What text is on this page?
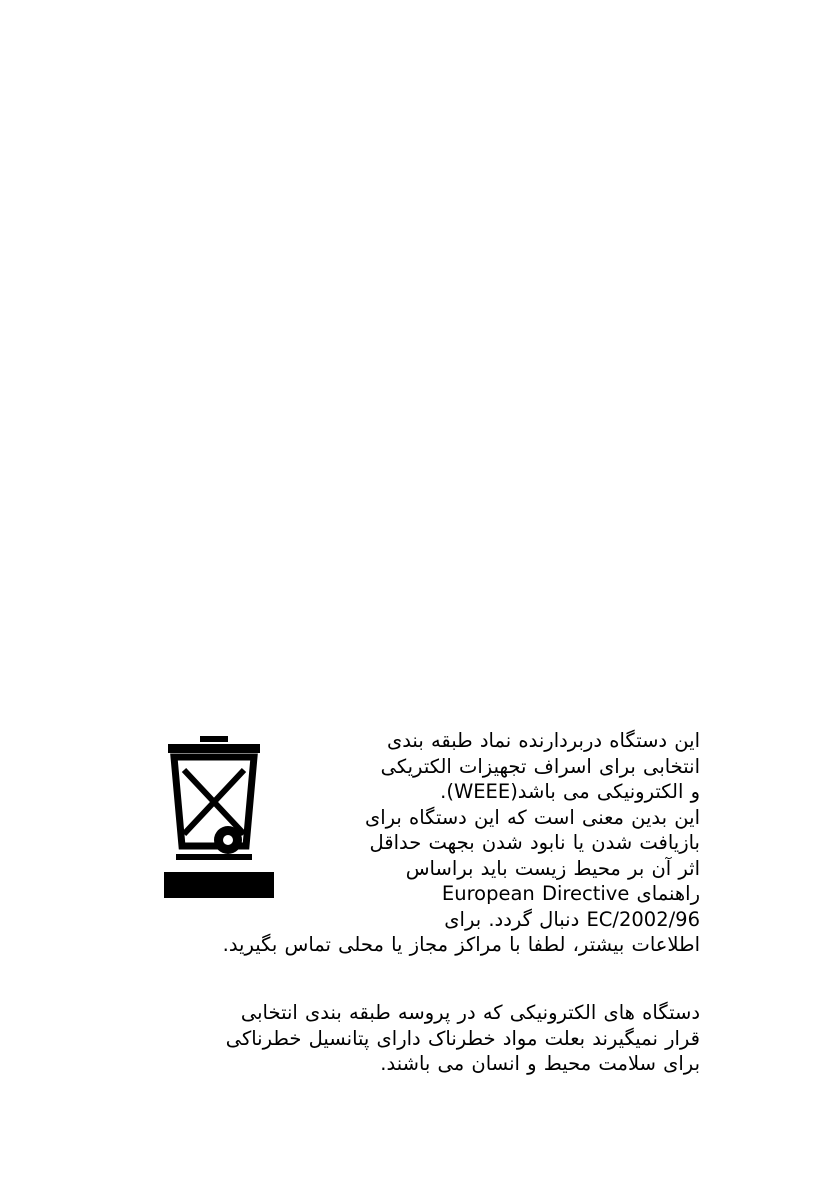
این دستگاه دربردارنده نماد طبقه بندی
انتخابی برای اسراف تجهیزات الکتریکی
و الکترونیکی می باشد(WEEE).
این بدین معنی است که این دستگاه برای
بازیافت شدن یا نابود شدن بجهت حداقل
اثر آن بر محیط زیست باید براساس
راهنمای European Directive
2002/96/EC دنبال گردد. برای
اطلاعات بیشتر، لطفا با مراکز مجاز یا محلی تماس بگیرید.
دستگاه های الکترونیکی که در پروسه طبقه بندی انتخابی
قرار نمیگیرند بعلت مواد خطرناک دارای پتانسیل خطرناکی
برای سلامت محیط و انسان می باشند.
